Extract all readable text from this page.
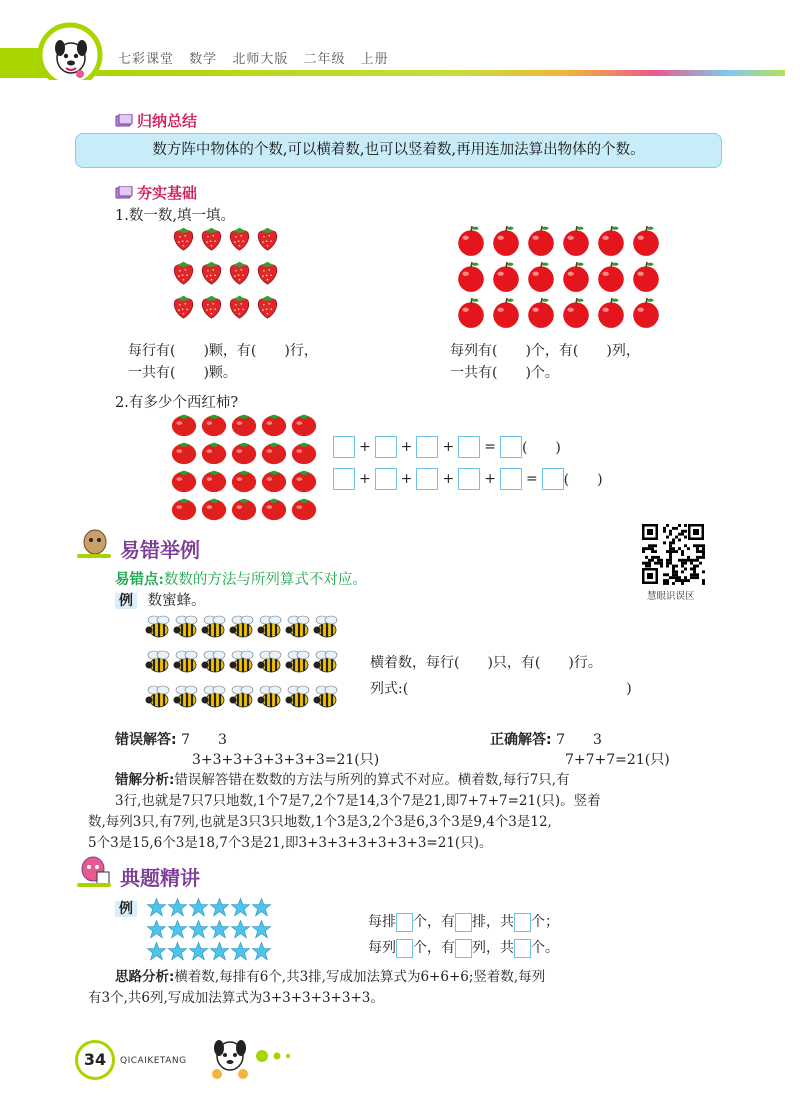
七彩课堂 数学 北师大版 二年级 上册
归纳总结
数方阵中物体的个数,可以横着数,也可以竖着数,再用连加法算出物体的个数。
夯实基础
1.数一数,填一填。
每行有(　　)颗，有(　　)行，
一共有(　　)颗。
每列有(　　)个，有(　　)列，
一共有(　　)个。
2.有多少个西红柿?
+ + + = (　　)
+ + + + = (　　)
易错举例
易错点:数数的方法与所列算式不对应。
例 数蜜蜂。	慧眼识误区
横着数，每行(　　)只，有(　　)行。
列式:(	)
错误解答: 7　　3
3+3+3+3+3+3+3=21(只)
正确解答: 7　　3
7+7+7=21(只)
错解分析:错误解答错在数数的方法与所列的算式不对应。横着数,每行7只,有
3行,也就是7只7只地数,1个7是7,2个7是14,3个7是21,即7+7+7=21(只)。竖着
数,每列3只,有7列,也就是3只3只地数,1个3是3,2个3是6,3个3是9,4个3是12,
5个3是15,6个3是18,7个3是21,即3+3+3+3+3+3+3=21(只)。
典题精讲
例
每排 个，有 排，共 个；
每列 个，有 列，共 个。
思路分析:横着数,每排有6个,共3排,写成加法算式为6+6+6;竖着数,每列
有3个,共6列,写成加法算式为3+3+3+3+3+3。
34	QICAIKETANG
